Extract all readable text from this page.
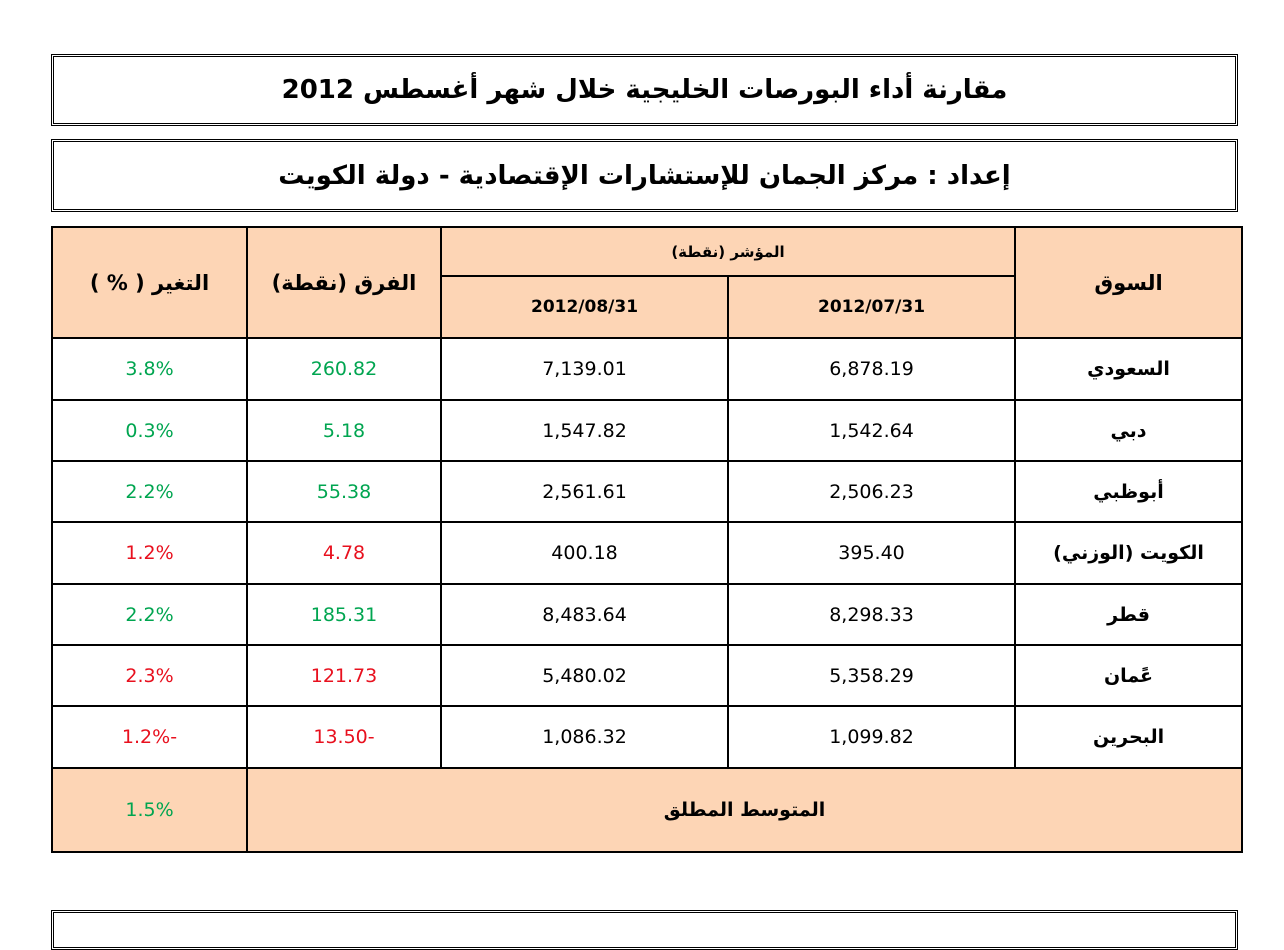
مقارنة أداء البورصات الخليجية خلال شهر أغسطس 2012
إعداد : مركز الجمان للإستشارات الإقتصادية - دولة الكويت
السوق	المؤشر (نقطة)		الفرق (نقطة)	التغير ( % )
	2012/07/31	2012/08/31		
السعودي	6,878.19	7,139.01	260.82	3.8%
دبي	1,542.64	1,547.82	5.18	0.3%
أبوظبي	2,506.23	2,561.61	55.38	2.2%
الكويت (الوزني)	395.40	400.18	4.78	1.2%
قطر	8,298.33	8,483.64	185.31	2.2%
عًمان	5,358.29	5,480.02	121.73	2.3%
البحرين	1,099.82	1,086.32	-13.50	-1.2%
المتوسط المطلق				1.5%
